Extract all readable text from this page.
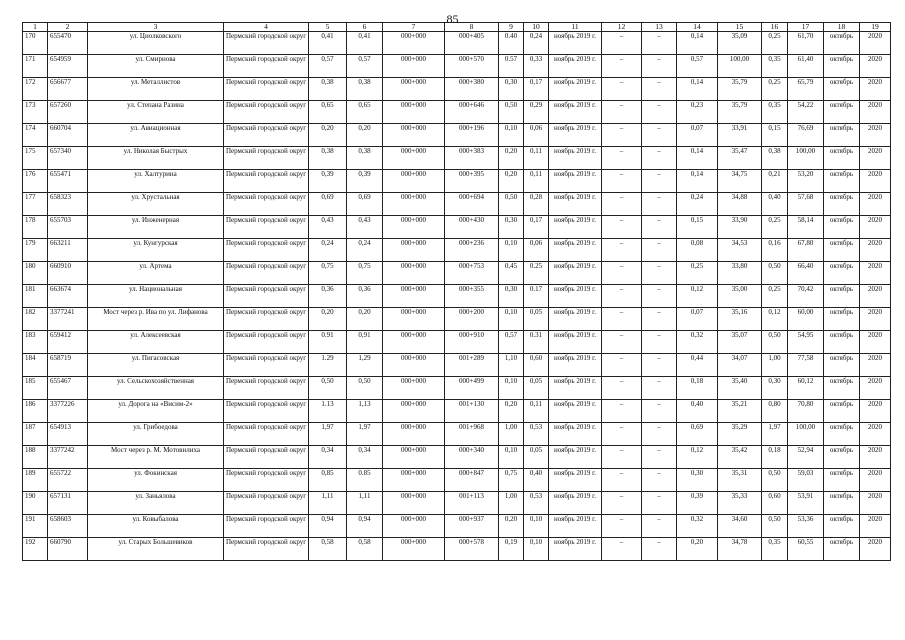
85
1	2	3	4	5	6	7	8	9	10	11	12	13	14	15	16	17	18	19
170	655470	ул. Циолковского	Пермский городской округ	0,41	0,41	000+000	000+405	0.40	0,24	ноябрь 2019 г.	–	–	0,14	35,09	0,25	61,70	октябрь	2020
171	654959	ул. Смирнова	Пермский городской округ	0,57	0,57	000+000	000+570	0.57	0,33	ноябрь 2019 г.	–	–	0,57	100,00	0,35	61,40	октябрь	2020
172	656677	ул. Металлистов	Пермский городской округ	0,38	0,38	000+000	000+380	0,30	0,17	ноябрь 2019 г.	–	–	0,14	35,79	0,25	65,79	октябрь	2020
173	657260	ул. Степана Разина	Пермский городской округ	0,65	0,65	000+000	000+646	0,50	0,29	ноябрь 2019 г.	–	–	0,23	35,79	0,35	54,22	октябрь	2020
174	660704	ул. Авиационная	Пермский городской округ	0,20	0,20	000+000	000+196	0,10	0,06	ноябрь 2019 г.	–	–	0,07	33,91	0,15	76,69	октябрь	2020
175	657340	ул. Николая Быстрых	Пермский городской округ	0,38	0,38	000+000	000+383	0,20	0,11	ноябрь 2019 г.	–	–	0,14	35,47	0,38	100,00	октябрь	2020
176	655471	ул. Халтурина	Пермский городской округ	0,39	0,39	000+000	000+395	0,20	0,11	ноябрь 2019 г.	–	–	0,14	34,75	0,21	53,20	октябрь	2020
177	658323	ул. Хрустальная	Пермский городской округ	0,69	0,69	000+000	000+694	0,50	0,28	ноябрь 2019 г.	–	–	0,24	34,88	0,40	57,68	октябрь	2020
178	655703	ул. Инженерная	Пермский городской округ	0,43	0,43	000+000	000+430	0,30	0,17	ноябрь 2019 г.	–	–	0,15	33,90	0,25	58,14	октябрь	2020
179	663211	ул. Кунгурская	Пермский городской округ	0,24	0,24	000+000	000+236	0,10	0,06	ноябрь 2019 г.	–	–	0,08	34,53	0,16	67,80	октябрь	2020
180	660910	ул. Артема	Пермский городской округ	0,75	0,75	000+000	000+753	0,45	0.25	ноябрь 2019 г.	–	–	0,25	33,80	0,50	66,40	октябрь	2020
181	663674	ул. Национальная	Пермский городской округ	0,36	0,36	000+000	000+355	0,30	0.17	ноябрь 2019 г.	–	–	0,12	35,00	0,25	70,42	октябрь	2020
182	3377241	Мост через р. Ива по ул. Лифанова	Пермский городской округ	0,20	0,20	000+000	000+200	0,10	0,05	ноябрь 2019 г.	–	–	0,07	35,16	0,12	60,00	октябрь	2020
183	659412	ул. Алексеевская	Пермский городской округ	0.91	0,91	000+000	000+910	0,57	0.31	ноябрь 2019 г.	–	–	0,32	35,07	0,50	54,95	октябрь	2020
184	658719	ул. Пигасовская	Пермский городской округ	1.29	1,29	000+000	001+289	1,10	0,60	ноябрь 2019 г.	–	–	0,44	34,07	1,00	77,58	октябрь	2020
185	655467	ул. Сельскохозяйственная	Пермский городской округ	0,50	0,50	000+000	000+499	0,10	0,05	ноябрь 2019 г.	–	–	0,18	35,40	0,30	60,12	октябрь	2020
186	3377226	ул. Дорога на «Висим-2»	Пермский городской округ	1.13	1,13	000+000	001+130	0,20	0,11	ноябрь 2019 г.	–	–	0,40	35,21	0,80	70,80	октябрь	2020
187	654913	ул. Грибоедова	Пермский городской округ	1,97	1,97	000+000	001+968	1,00	0,53	ноябрь 2019 г.	–	–	0,69	35,29	1,97	100,00	октябрь	2020
188	3377242	Мост через р. М. Мотовилиха	Пермский городской округ	0,34	0,34	000+000	000+340	0,10	0,05	ноябрь 2019 г.	–	–	0,12	35,42	0,18	52,94	октябрь	2020
189	655722	ул. Фокинская	Пермский городской округ	0,85	0.85	000+000	000+847	0,75	0,40	ноябрь 2019 г.	–	–	0,30	35,31	0,50	59,03	октябрь	2020
190	657131	ул. Заньялова	Пермский городской округ	1,11	1,11	000+000	001+113	1,00	0,53	ноябрь 2019 г.	–	–	0,39	35,33	0,60	53,91	октябрь	2020
191	658603	ул. Ковыбалова	Пермский городской округ	0,94	0,94	000+000	000+937	0,20	0,10	ноябрь 2019 г.	–	–	0,32	34,60	0,50	53,36	октябрь	2020
192	660790	ул. Старых Большевиков	Пермский городской округ	0,58	0,58	000+000	000+578	0,19	0,10	ноябрь 2019 г.	–	–	0,20	34,78	0,35	60,55	октябрь	2020
